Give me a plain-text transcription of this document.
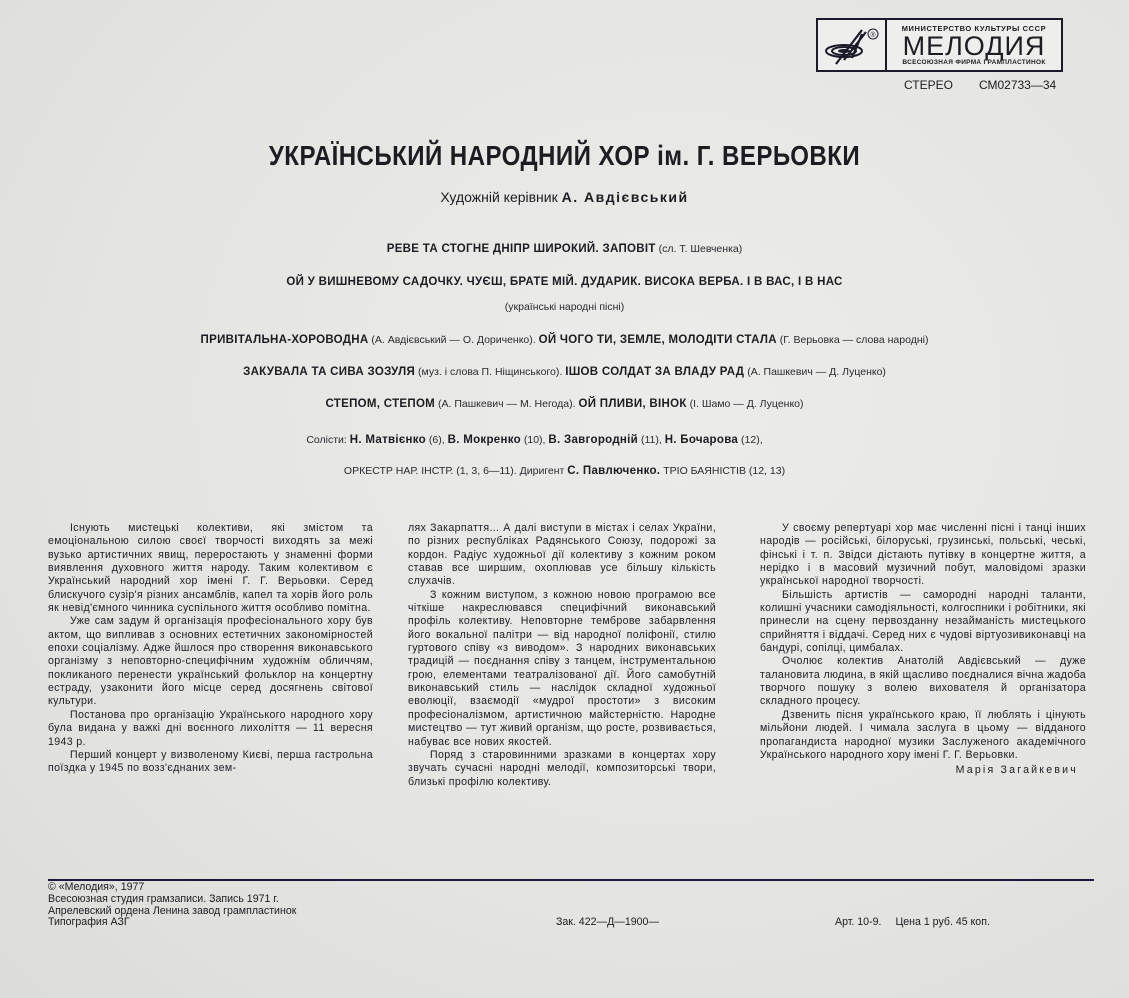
®
МИНИСТЕРСТВО КУЛЬТУРЫ СССР
МЕЛОДИЯ
ВСЕСОЮЗНАЯ ФИРМА ГРАМПЛАСТИНОК
СТЕРЕО СМ02733—34
УКРАЇНСЬКИЙ НАРОДНИЙ ХОР ім. Г. ВЕРЬОВКИ
Художній керівник А. Авдієвський
РЕВЕ ТА СТОГНЕ ДНІПР ШИРОКИЙ. ЗАПОВІТ (сл. Т. Шевченка)
ОЙ У ВИШНЕВОМУ САДОЧКУ. ЧУЄШ, БРАТЕ МІЙ. ДУДАРИК. ВИСОКА ВЕРБА. І В ВАС, І В НАС
(українські народні пісні)
ПРИВІТАЛЬНА-ХОРОВОДНА (А. Авдієвський — О. Дориченко). ОЙ ЧОГО ТИ, ЗЕМЛЕ, МОЛОДІТИ СТАЛА (Г. Верьовка — слова народні)
ЗАКУВАЛА ТА СИВА ЗОЗУЛЯ (муз. і слова П. Ніщинського). ІШОВ СОЛДАТ ЗА ВЛАДУ РАД (А. Пашкевич — Д. Луценко)
СТЕПОМ, СТЕПОМ (А. Пашкевич — М. Негода). ОЙ ПЛИВИ, ВІНОК (І. Шамо — Д. Луценко)
Солісти: Н. Матвієнко (6), В. Мокренко (10), В. Завгородній (11), Н. Бочарова (12),
ОРКЕСТР НАР. ІНСТР. (1, 3, 6—11). Диригент С. Павлюченко. ТРІО БАЯНІСТІВ (12, 13)

Існують мистецькі колективи, які змістом та емоціональною силою своєї творчості виходять за межі вузько артистичних явищ, переростають у знаменні форми виявлення духовного життя народу. Таким колективом є Український народний хор імені Г. Г. Верьовки. Серед блискучого сузір'я різних ансамблів, капел та хорів його роль як невід'ємного чинника суспільного життя особливо помітна.

Уже сам задум й організація професіонального хору був актом, що випливав з основних естетичних закономірностей епохи соціалізму. Адже йшлося про створення виконавського організму з неповторно-специфічним художнім обличчям, покликаного перенести український фольклор на концертну естраду, узаконити його місце серед досягнень світової культури.

Постанова про організацію Українського народного хору була видана у важкі дні воєнного лихоліття — 11 вересня 1943 р.

Перший концерт у визволеному Києві, перша гастрольна поїздка у 1945 по возз'єднаних зем-

лях Закарпаття... А далі виступи в містах і селах України, по різних республіках Радянського Союзу, подорожі за кордон. Радіус художньої дії колективу з кожним роком ставав все ширшим, охоплював усе більшу кількість слухачів.

З кожним виступом, з кожною новою програмою все чіткіше накреслювався специфічний виконавський профіль колективу. Неповторне темброве забарвлення його вокальної палітри — від народної поліфонії, стилю гуртового співу «з виводом». З народних виконавських традицій — поєднання співу з танцем, інструментальною грою, елементами театралізованої дії. Його самобутній виконавський стиль — наслідок складної художньої еволюції, взаємодії «мудрої простоти» з високим професіоналізмом, артистичною майстерністю. Народне мистецтво — тут живий організм, що росте, розвивається, набуває все нових якостей.

Поряд з старовинними зразками в концертах хору звучать сучасні народні мелодії, композиторські твори, близькі профілю колективу.

У своєму репертуарі хор має численні пісні і танці інших народів — російські, білоруські, грузинські, польські, чеські, фінські і т. п. Звідси дістають путівку в концертне життя, а нерідко і в масовий музичний побут, маловідомі зразки української народної творчості.

Більшість артистів — самородні народні таланти, колишні учасники самодіяльності, колгоспники і робітники, які принесли на сцену первозданну незайманість мистецького сприйняття і віддачі. Серед них є чудові віртуозивиконавці на бандурі, сопілці, цимбалах.

Очолює колектив Анатолій Авдієвський — дуже талановита людина, в якій щасливо поєдналися вічна жадоба творчого пошуку з волею вихователя й організатора складного процесу.

Дзвенить пісня українського краю, її люблять і цінують мільйони людей. І чимала заслуга в цьому — відданого пропагандиста народної музики Заслуженого академічного Українського народного хору імені Г. Г. Верьовки.

Марія Загайкевич
© «Мелодия», 1977
Всесоюзная студия грамзаписи. Запись 1971 г.
Апрелевский ордена Ленина завод грампластинок
Типография АЗГ	Зак. 422—Д—1900—	Арт. 10-9. Цена 1 руб. 45 коп.
